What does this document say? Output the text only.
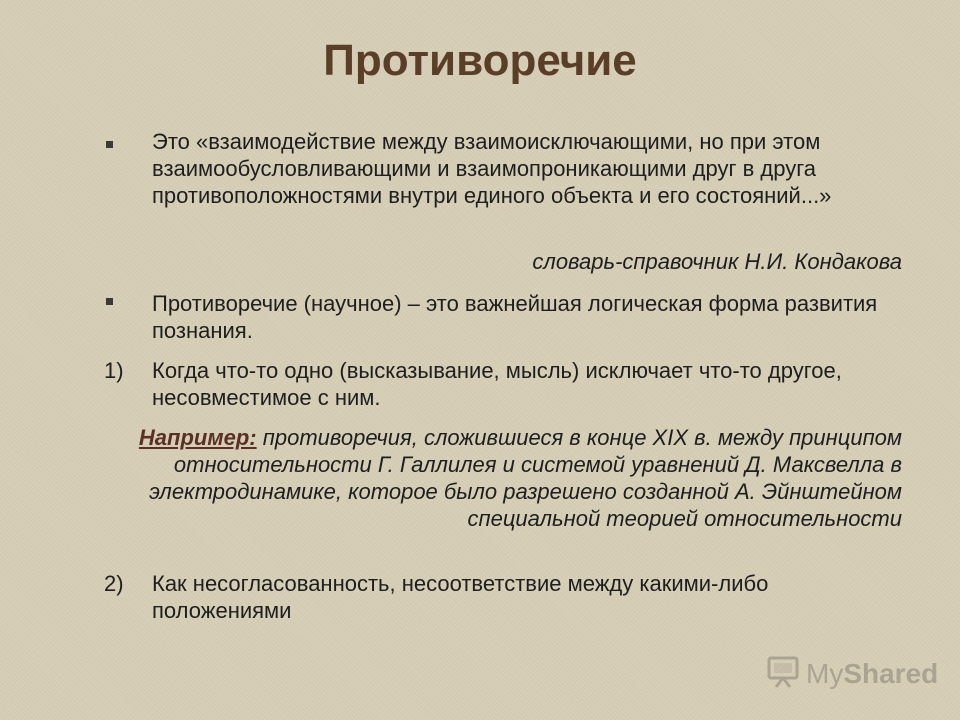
Противоречие
Это «взаимодействие между взаимоисключающими, но при этом взаимообусловливающими и взаимопроникающими друг в друга противоположностями внутри единого объекта и его состояний...»
словарь-справочник Н.И. Кондакова
Противоречие (научное) – это важнейшая логическая форма развития познания.
1) Когда что-то одно (высказывание, мысль) исключает что-то другое, несовместимое с ним.
Например: противоречия, сложившиеся в конце XIX в. между принципом относительности Г. Галлилея и системой уравнений Д. Максвелла в электродинамике, которое было разрешено созданной А. Эйнштейном специальной теорией относительности
2) Как несогласованность, несоответствие между какими-либо положениями
MyShared
